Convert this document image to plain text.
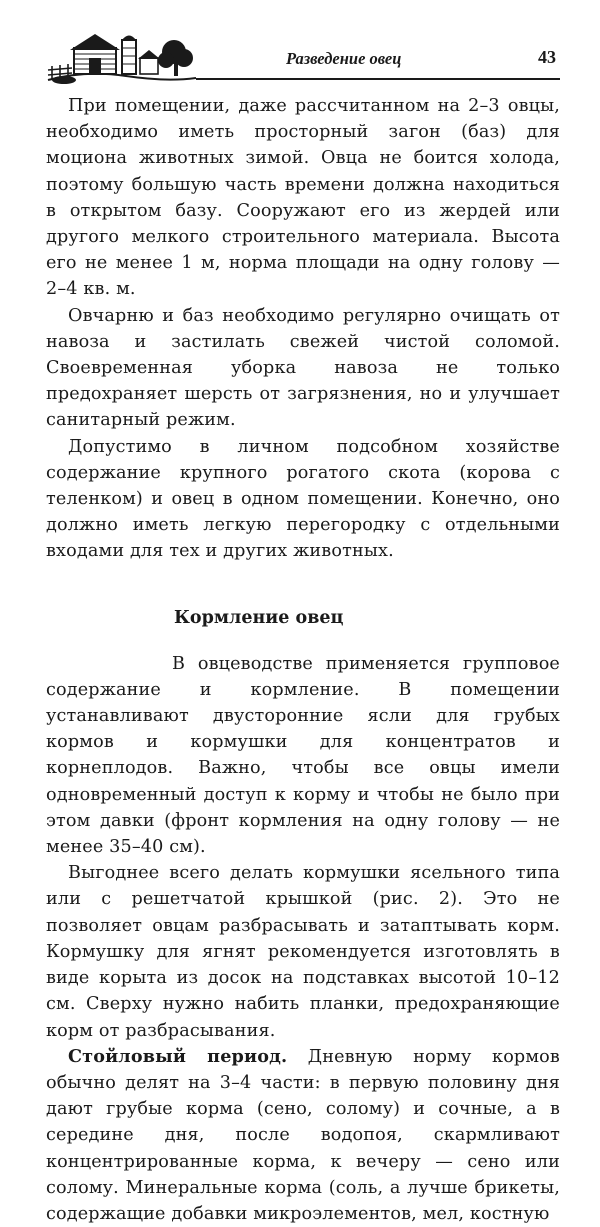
Разведение овец	43

При помещении, даже рассчитанном на 2–3 овцы, необходимо иметь просторный загон (баз) для моциона животных зимой. Овца не боится холода, поэтому большую часть времени должна находиться в открытом базу. Сооружают его из жердей или другого мелкого строительного материала. Высота его не менее 1 м, норма площади на одну голову — 2–4 кв. м.

Овчарню и баз необходимо регулярно очищать от навоза и застилать свежей чистой соломой. Своевременная уборка навоза не только предохраняет шерсть от загрязнения, но и улучшает санитарный режим.

Допустимо в личном подсобном хозяйстве содержание крупного рогатого скота (корова с теленком) и овец в одном помещении. Конечно, оно должно иметь легкую перегородку с отдельными входами для тех и других животных.

Кормление овец

В овцеводстве применяется групповое содержание и кормление. В помещении устанавливают двусторонние ясли для грубых кормов и кормушки для концентратов и корнеплодов. Важно, чтобы все овцы имели одновременный доступ к корму и чтобы не было при этом давки (фронт кормления на одну голову — не менее 35–40 см).

Выгоднее всего делать кормушки ясельного типа или с решетчатой крышкой (рис. 2). Это не позволяет овцам разбрасывать и затаптывать корм. Кормушку для ягнят рекомендуется изготовлять в виде корыта из досок на подставках высотой 10–12 см. Сверху нужно набить планки, предохраняющие корм от разбрасывания.

Стойловый период. Дневную норму кормов обычно делят на 3–4 части: в первую половину дня дают грубые корма (сено, солому) и сочные, а в середине дня, после водопоя, скармливают концентрированные корма, к вечеру — сено или солому. Минеральные корма (соль, а лучше брикеты, содержащие добавки микроэлементов, мел, костную
